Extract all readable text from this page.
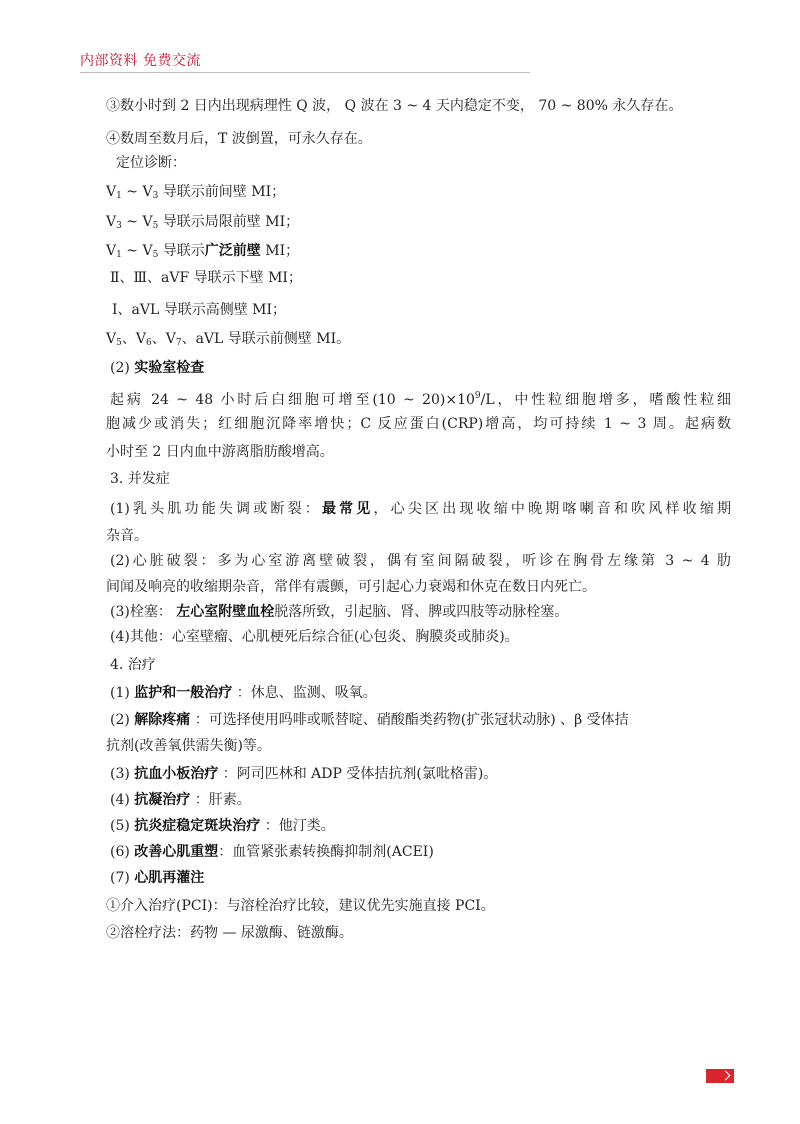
内部资料 免费交流
③数小时到 2 日内出现病理性 Q 波， Q 波在 3 ~ 4 天内稳定不变， 70 ~ 80% 永久存在。
④数周至数月后，T 波倒置，可永久存在。
定位诊断：
$V_1$ ~ $V_3$ 导联示前间壁 MI；
$V_3$ ~ $V_5$ 导联示局限前壁 MI；
$V_1$ ~ $V_5$ 导联示广泛前壁 MI；
Ⅱ、Ⅲ、aVF 导联示下壁 MI；
Ⅰ、aVL 导联示高侧壁 MI；
$V_5$、$V_6$、$V_7$、aVL 导联示前侧壁 MI。
(2) 实验室检查
起病 24 ~ 48 小时后白细胞可增至(10 ~ $20)\times 10^9/L$，中性粒细胞增多，嗜酸性粒细
胞减少或消失；红细胞沉降率增快；C 反应蛋白(CRP)增高，均可持续 1 ~ 3 周。起病数
小时至 2 日内血中游离脂肪酸增高。
3. 并发症
(1)乳头肌功能失调或断裂：最常见，心尖区出现收缩中晚期喀喇音和吹风样收缩期
杂音。
(2)心脏破裂：多为心室游离壁破裂，偶有室间隔破裂，听诊在胸骨左缘第 3 ~ 4 肋
间闻及响亮的收缩期杂音，常伴有震颤，可引起心力衰竭和休克在数日内死亡。
(3)栓塞： 左心室附壁血栓脱落所致，引起脑、肾、脾或四肢等动脉栓塞。
(4)其他：心室壁瘤、心肌梗死后综合征(心包炎、胸膜炎或肺炎)。
4. 治疗
(1) 监护和一般治疗 ：休息、监测、吸氧。
(2) 解除疼痛 ：可选择使用吗啡或哌替啶、硝酸酯类药物(扩张冠状动脉) 、β 受体拮
抗剂(改善氧供需失衡)等。
(3) 抗血小板治疗 ：阿司匹林和 ADP 受体拮抗剂(氯吡格雷)。
(4) 抗凝治疗 ：肝素。
(5) 抗炎症稳定斑块治疗 ：他汀类。
(6) 改善心肌重塑：血管紧张素转换酶抑制剂(ACEI)
(7) 心肌再灌注
①介入治疗(PCI)：与溶栓治疗比较，建议优先实施直接 PCI。
②溶栓疗法：药物 — 尿激酶、链激酶。
